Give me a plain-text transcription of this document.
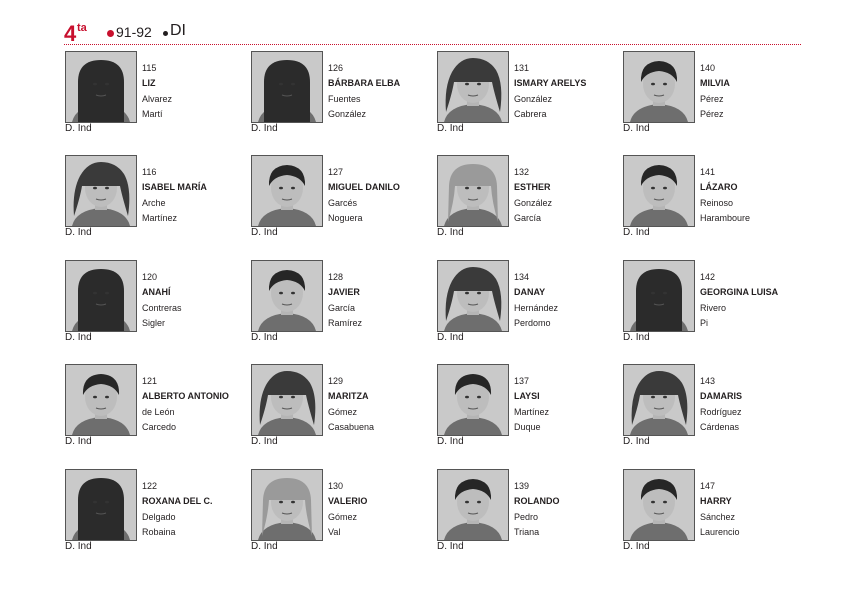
4 ta 91-92 DI
115
LIZ
Alvarez
Martí
D. Ind
126
BÁRBARA ELBA
Fuentes
González
D. Ind
131
ISMARY ARELYS
González
Cabrera
D. Ind
140
MILVIA
Pérez
Pérez
D. Ind
116
ISABEL MARÍA
Arche
Martínez
D. Ind
127
MIGUEL DANILO
Garcés
Noguera
D. Ind
132
ESTHER
González
García
D. Ind
141
LÁZARO
Reinoso
Haramboure
D. Ind
120
ANAHÍ
Contreras
Sigler
D. Ind
128
JAVIER
García
Ramírez
D. Ind
134
DANAY
Hernández
Perdomo
D. Ind
142
GEORGINA LUISA
Rivero
Pi
D. Ind
121
ALBERTO ANTONIO
de León
Carcedo
D. Ind
129
MARITZA
Gómez
Casabuena
D. Ind
137
LAYSI
Martínez
Duque
D. Ind
143
DAMARIS
Rodríguez
Cárdenas
D. Ind
122
ROXANA DEL C.
Delgado
Robaina
D. Ind
130
VALERIO
Gómez
Val
D. Ind
139
ROLANDO
Pedro
Triana
D. Ind
147
HARRY
Sánchez
Laurencio
D. Ind
